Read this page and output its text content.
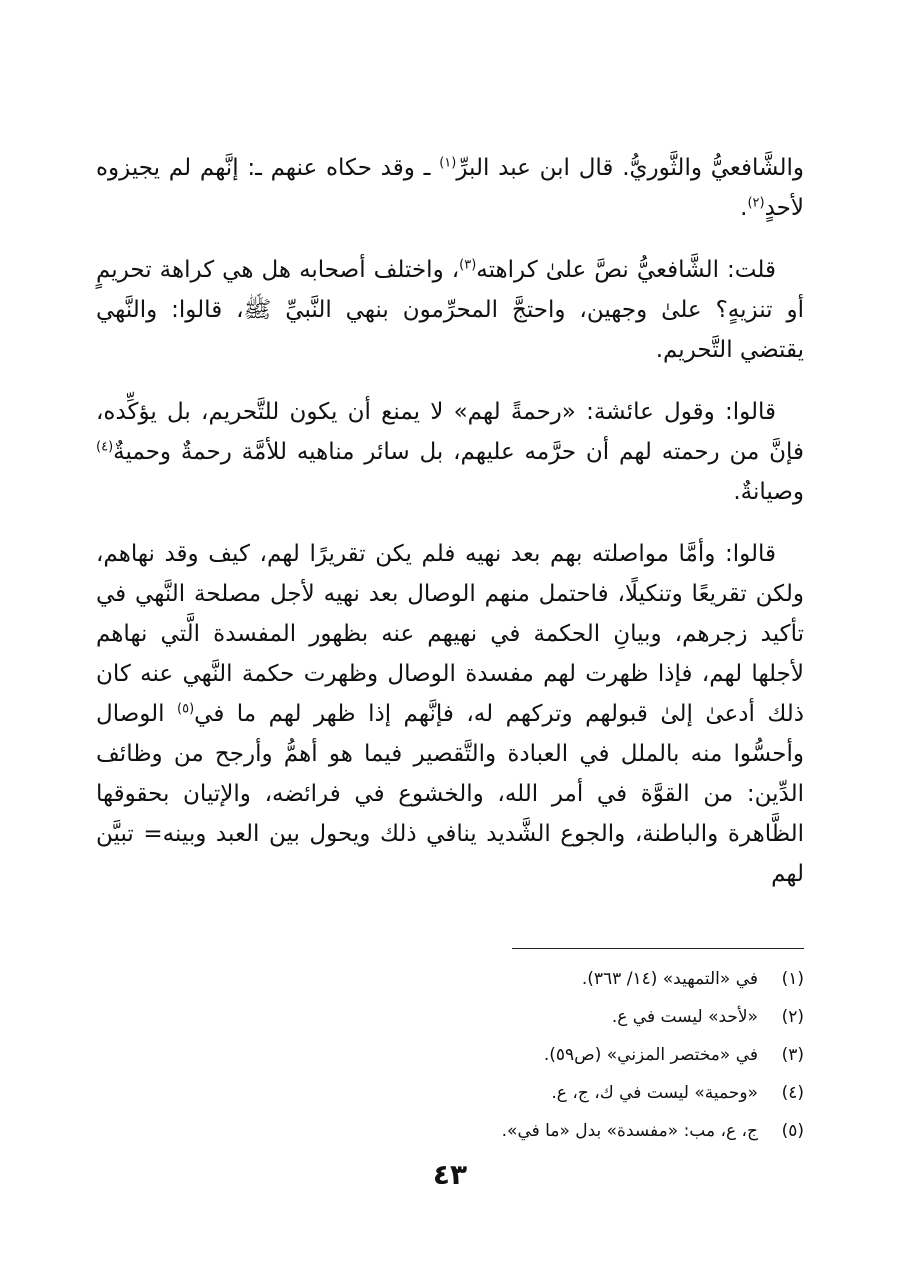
والشَّافعيُّ والثَّوريُّ. قال ابن عبد البرِّ$^{(١)}$ ـ وقد حكاه عنهم ـ: إنَّهم لم يجيزوه لأحدٍ$^{(٢)}$.

قلت: الشَّافعيُّ نصَّ علىٰ كراهته$^{(٣)}$، واختلف أصحابه هل هي كراهة تحريمٍ أو تنزيهٍ؟ علىٰ وجهين، واحتجَّ المحرِّمون بنهي النَّبيِّ ﷺ، قالوا: والنَّهي يقتضي التَّحريم.

قالوا: وقول عائشة: «رحمةً لهم» لا يمنع أن يكون للتَّحريم، بل يؤكِّده، فإنَّ من رحمته لهم أن حرَّمه عليهم، بل سائر مناهيه للأمَّة رحمةٌ وحميةٌ$^{(٤)}$ وصيانةٌ.

قالوا: وأمَّا مواصلته بهم بعد نهيه فلم يكن تقريرًا لهم، كيف وقد نهاهم، ولكن تقريعًا وتنكيلًا، فاحتمل منهم الوصال بعد نهيه لأجل مصلحة النَّهي في تأكيد زجرهم، وبيانِ الحكمة في نهيهم عنه بظهور المفسدة الَّتي نهاهم لأجلها لهم، فإذا ظهرت لهم مفسدة الوصال وظهرت حكمة النَّهي عنه كان ذلك أدعىٰ إلىٰ قبولهم وتركهم له، فإنَّهم إذا ظهر لهم ما في$^{(٥)}$ الوصال وأحسُّوا منه بالملل في العبادة والتَّقصير فيما هو أهمُّ وأرجح من وظائف الدِّين: من القوَّة في أمر الله، والخشوع في فرائضه، والإتيان بحقوقها الظَّاهرة والباطنة، والجوع الشَّديد ينافي ذلك ويحول بين العبد وبينه= تبيَّن لهم

(١)
في «التمهيد» (١٤/ ٣٦٣).
(٢)
«لأحد» ليست في ع.
(٣)
في «مختصر المزني» (ص٥٩).
(٤)
«وحمية» ليست في ك، ج، ع.
(٥)
ج، ع، مب: «مفسدة» بدل «ما في».
٤٣
